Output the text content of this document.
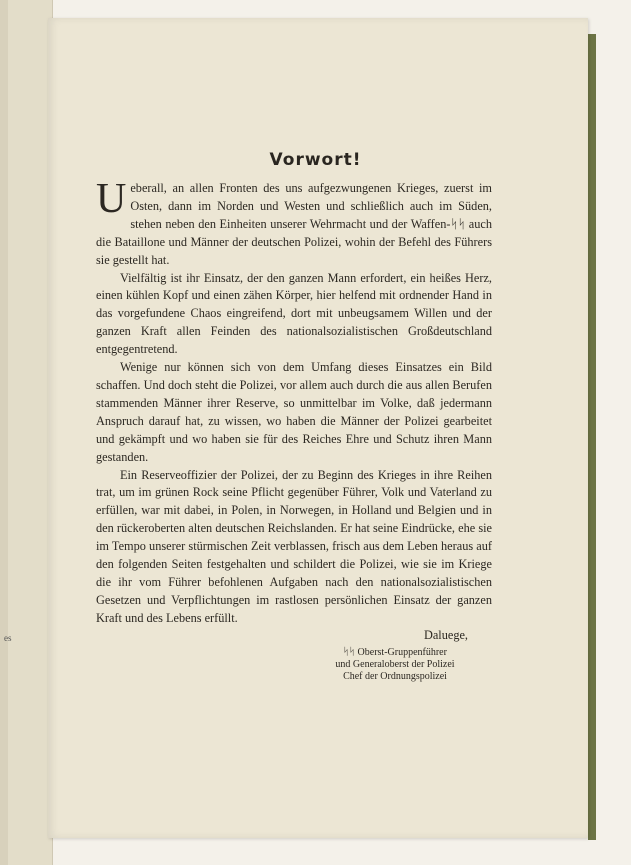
es
Vorwort!

Ueberall, an allen Fronten des uns aufgezwungenen Krieges, zuerst im Osten, dann im Norden und Westen und schließlich auch im Süden, stehen neben den Einheiten unserer Wehrmacht und der Waffen-ᛋᛋ auch die Bataillone und Männer der deutschen Polizei, wohin der Befehl des Führers sie gestellt hat.

Vielfältig ist ihr Einsatz, der den ganzen Mann erfordert, ein heißes Herz, einen kühlen Kopf und einen zähen Körper, hier helfend mit ordnender Hand in das vorgefundene Chaos eingreifend, dort mit unbeugsamem Willen und der ganzen Kraft allen Feinden des nationalsozialistischen Großdeutschland entgegentretend.

Wenige nur können sich von dem Umfang dieses Einsatzes ein Bild schaffen. Und doch steht die Polizei, vor allem auch durch die aus allen Berufen stammenden Männer ihrer Reserve, so unmittelbar im Volke, daß jedermann Anspruch darauf hat, zu wissen, wo haben die Männer der Polizei gearbeitet und gekämpft und wo haben sie für des Reiches Ehre und Schutz ihren Mann gestanden.

Ein Reserveoffizier der Polizei, der zu Beginn des Krieges in ihre Reihen trat, um im grünen Rock seine Pflicht gegenüber Führer, Volk und Vaterland zu erfüllen, war mit dabei, in Polen, in Norwegen, in Holland und Belgien und in den rückeroberten alten deutschen Reichslanden. Er hat seine Eindrücke, ehe sie im Tempo unserer stürmischen Zeit verblassen, frisch aus dem Leben heraus auf den folgenden Seiten festgehalten und schildert die Polizei, wie sie im Kriege die ihr vom Führer befohlenen Aufgaben nach den nationalsozialistischen Gesetzen und Verpflichtungen im rastlosen persönlichen Einsatz der ganzen Kraft und des Lebens erfüllt.

Daluege,
ᛋᛋ Oberst-Gruppenführer
und Generaloberst der Polizei
Chef der Ordnungspolizei
